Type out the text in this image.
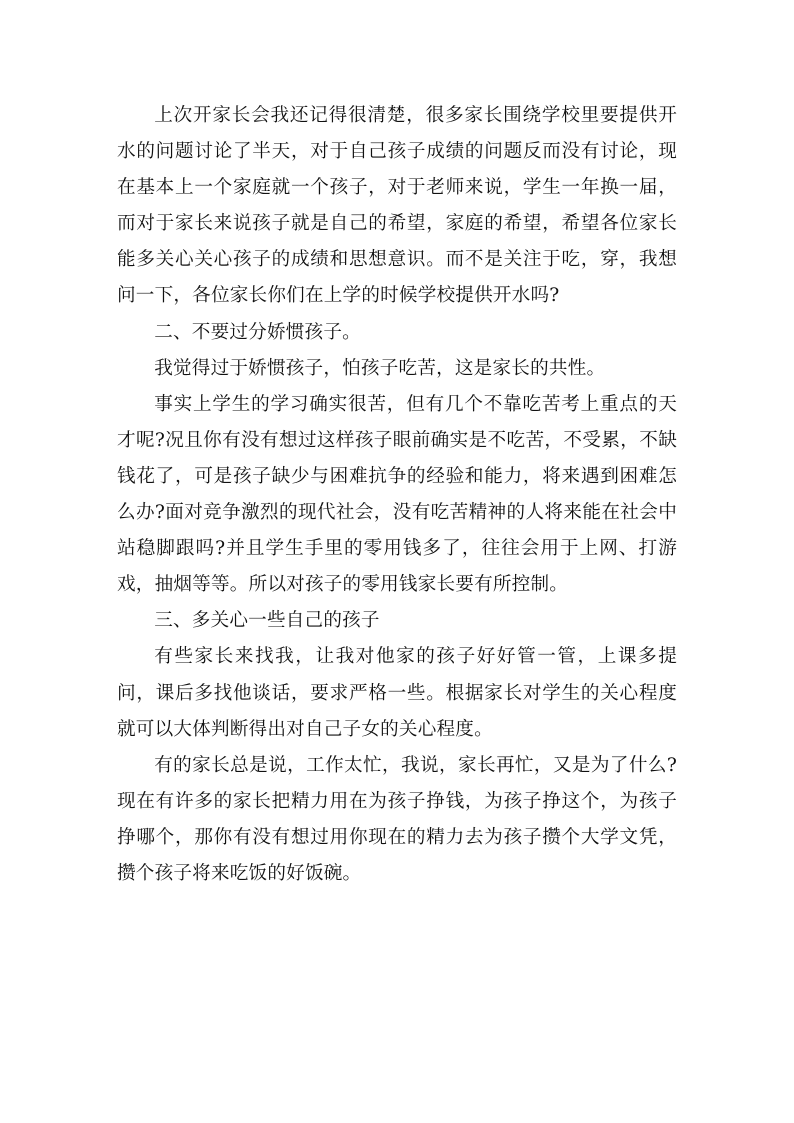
上次开家长会我还记得很清楚，很多家长围绕学校里要提供开水的问题讨论了半天，对于自己孩子成绩的问题反而没有讨论，现在基本上一个家庭就一个孩子，对于老师来说，学生一年换一届，而对于家长来说孩子就是自己的希望，家庭的希望，希望各位家长能多关心关心孩子的成绩和思想意识。而不是关注于吃，穿，我想问一下，各位家长你们在上学的时候学校提供开水吗?

二、不要过分娇惯孩子。

我觉得过于娇惯孩子，怕孩子吃苦，这是家长的共性。

事实上学生的学习确实很苦，但有几个不靠吃苦考上重点的天才呢?况且你有没有想过这样孩子眼前确实是不吃苦，不受累，不缺钱花了，可是孩子缺少与困难抗争的经验和能力，将来遇到困难怎么办?面对竞争激烈的现代社会，没有吃苦精神的人将来能在社会中站稳脚跟吗?并且学生手里的零用钱多了，往往会用于上网、打游戏，抽烟等等。所以对孩子的零用钱家长要有所控制。

三、多关心一些自己的孩子

有些家长来找我，让我对他家的孩子好好管一管，上课多提问，课后多找他谈话，要求严格一些。根据家长对学生的关心程度就可以大体判断得出对自己子女的关心程度。

有的家长总是说，工作太忙，我说，家长再忙，又是为了什么?现在有许多的家长把精力用在为孩子挣钱，为孩子挣这个，为孩子挣哪个，那你有没有想过用你现在的精力去为孩子攒个大学文凭，攒个孩子将来吃饭的好饭碗。
